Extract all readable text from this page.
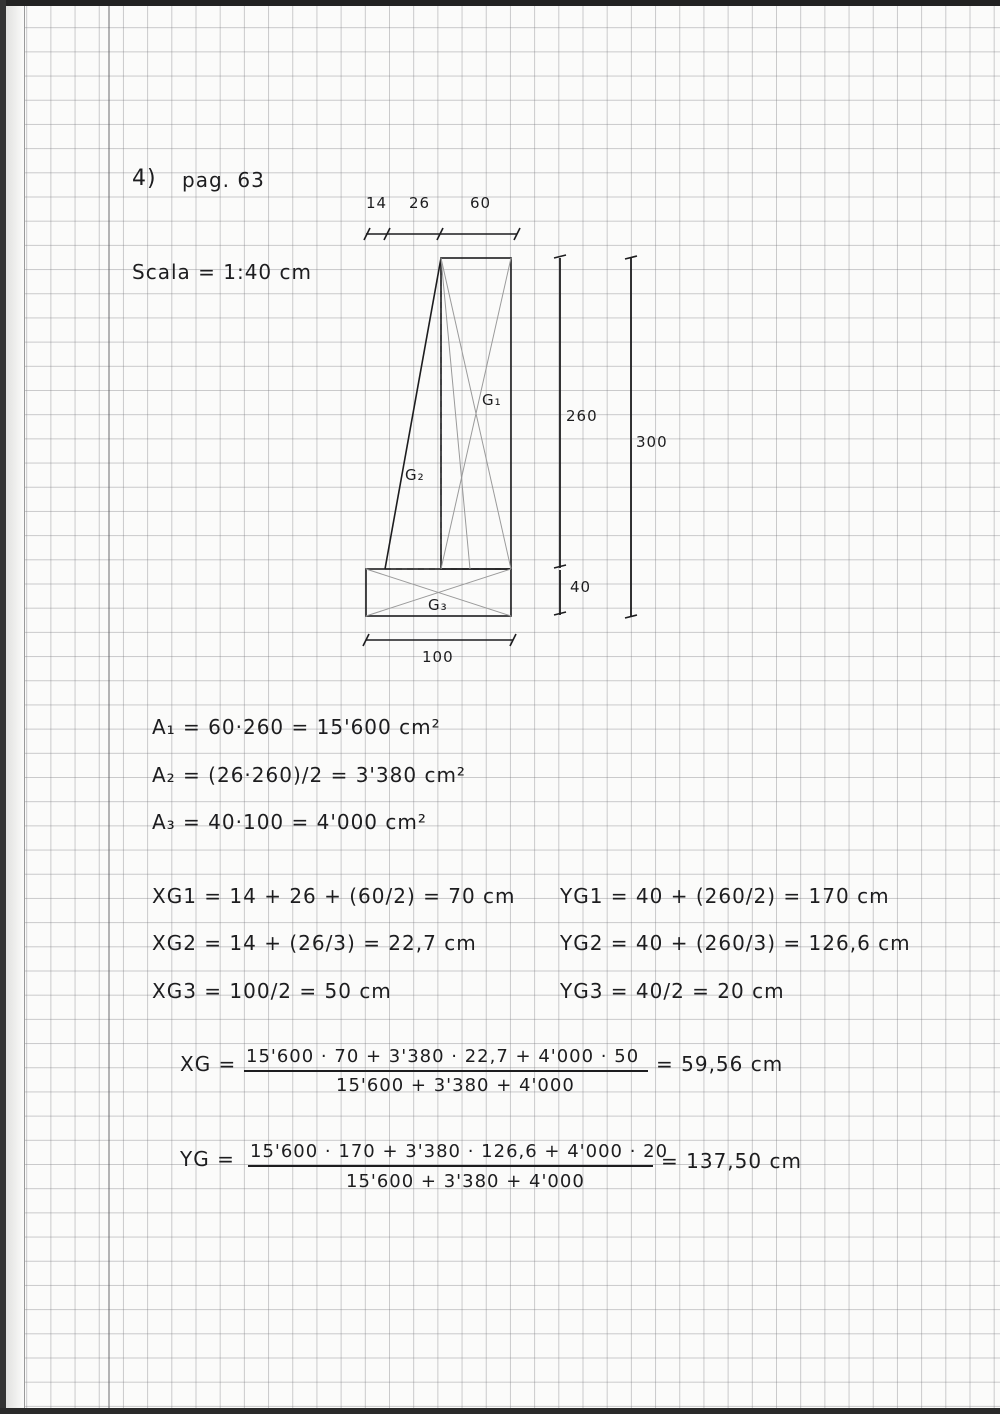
4) pag. 63
Scala = 1:40 cm
14 26	60
260
300
40
100
G₁
G₂
G₃
A₁ = 60·260 = 15'600 cm²
A₂ = (26·260)/2 = 3'380 cm²
A₃ = 40·100 = 4'000 cm²
XG1 = 14 + 26 + (60/2) = 70 cm
XG2 = 14 + (26/3) = 22,7 cm
XG3 = 100/2 = 50 cm
YG1 = 40 + (260/2) = 170 cm
YG2 = 40 + (260/3) = 126,6 cm
YG3 = 40/2 = 20 cm
XG = 15'600 · 70 + 3'380 · 22,7 + 4'000 · 50
15'600 + 3'380 + 4'000
= 59,56 cm
YG = 15'600 · 170 + 3'380 · 126,6 + 4'000 · 20
15'600 + 3'380 + 4'000
= 137,50 cm
